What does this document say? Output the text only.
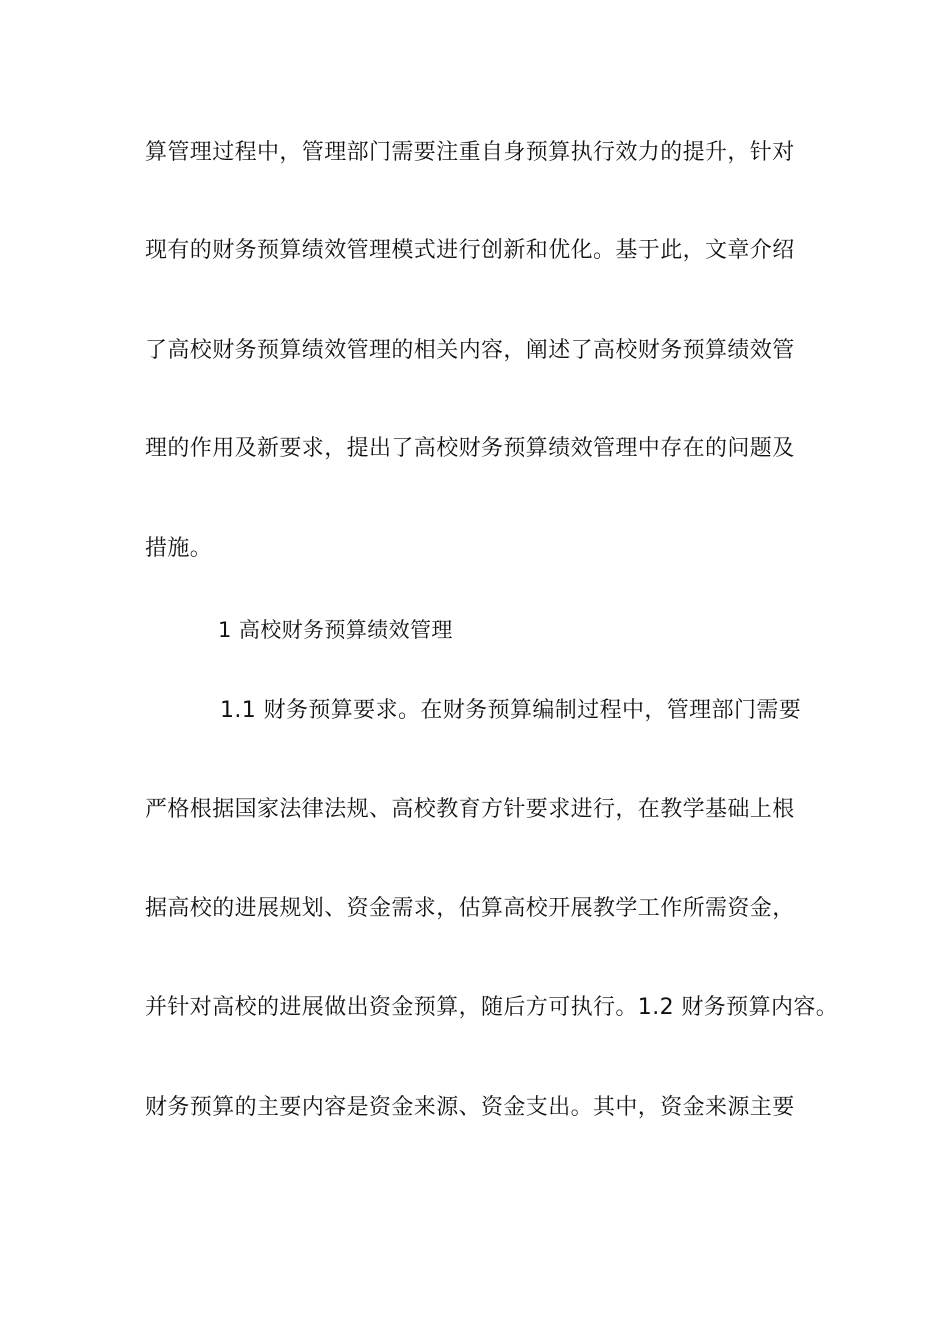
算管理过程中，管理部门需要注重自身预算执行效力的提升，针对
现有的财务预算绩效管理模式进行创新和优化。基于此，文章介绍
了高校财务预算绩效管理的相关内容，阐述了高校财务预算绩效管
理的作用及新要求，提出了高校财务预算绩效管理中存在的问题及
措施。
1 高校财务预算绩效管理
1.1 财务预算要求。在财务预算编制过程中，管理部门需要
严格根据国家法律法规、高校教育方针要求进行，在教学基础上根
据高校的进展规划、资金需求，估算高校开展教学工作所需资金，
并针对高校的进展做出资金预算，随后方可执行。1.2 财务预算内容。
财务预算的主要内容是资金来源、资金支出。其中，资金来源主要
